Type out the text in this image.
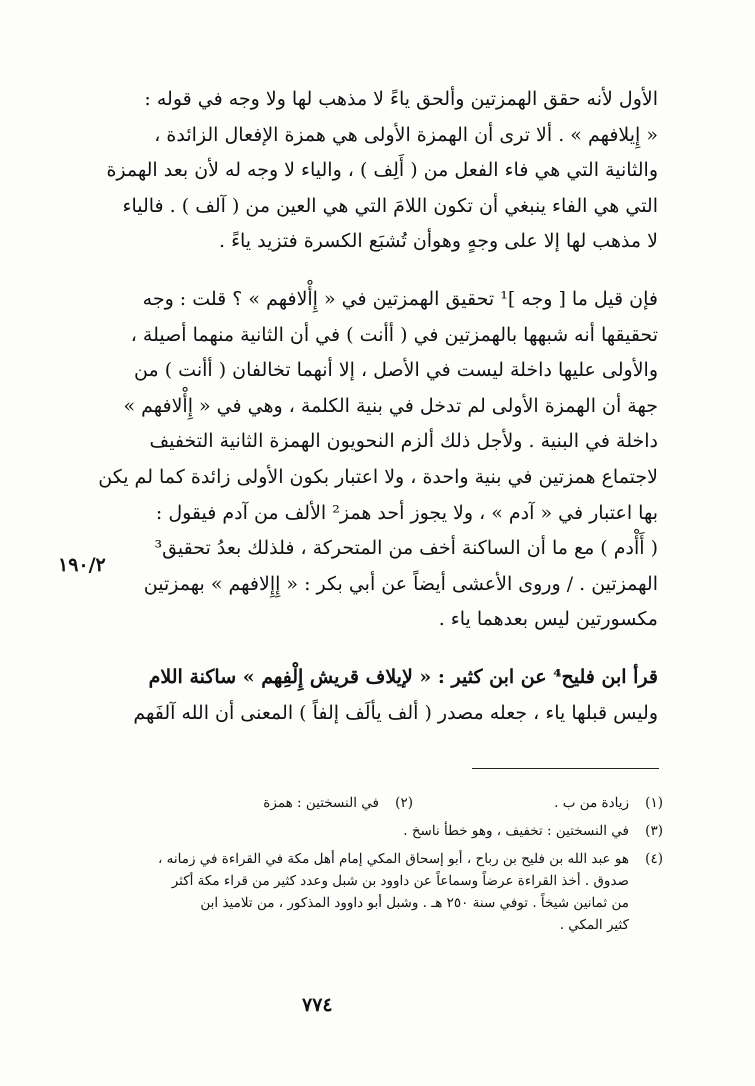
الأول لأنه حقق الهمزتين وألحق ياءً لا مذهب لها ولا وجه في قوله :

« إِيلافهم » . ألا ترى أن الهمزة الأولى هي همزة الإفعال الزائدة ،

والثانية التي هي فاء الفعل من ( أَلِف ) ، والياء لا وجه له لأن بعد الهمزة

التي هي الفاء ينبغي أن تكون اللامَ التي هي العين من ( آلف ) . فالياء

لا مذهب لها إلا على وجهٍ وهوأن تُشبَع الكسرة فتزيد ياءً .

فإن قيل ما [ وجه ]¹ تحقيق الهمزتين في « إِأْلافهم » ؟ قلت : وجه

تحقيقها أنه شبهها بالهمزتين في ( أأنت ) في أن الثانية منهما أصيلة ،

والأولى عليها داخلة ليست في الأصل ، إلا أنهما تخالفان ( أأنت ) من

جهة أن الهمزة الأولى لم تدخل في بنية الكلمة ، وهي في « إِأْلافهم »

داخلة في البنية . ولأجل ذلك ألزم النحويون الهمزة الثانية التخفيف

لاجتماع همزتين في بنية واحدة ، ولا اعتبار بكون الأولى زائدة كما لم يكن

بها اعتبار في « آدم » ، ولا يجوز أحد همز² الألف من آدم فيقول :

( أَأْدم ) مع ما أن الساكنة أخف من المتحركة ، فلذلك بعدُ تحقيق³

الهمزتين . / وروى الأعشى أيضاً عن أبي بكر : « إِإِلافهم » بهمزتين

مكسورتين ليس بعدهما ياء .

قرأ ابن فليح⁴ عن ابن كثير : « لإيلاف قريش إِلْفِهم » ساكنة اللام

وليس قبلها ياء ، جعله مصدر ( ألف يألَف إلفاً ) المعنى أن الله آلفَهم

١٩٠/٢
(١)
زيادة من ب .
(٢)
في النسختين : همزة
(٣)
في النسختين : تخفيف ، وهو خطأ ناسخ .
(٤)
هو عبد الله بن فليح بن رباح ، أبو إسحاق المكي إمام أهل مكة في القراءة في زمانه ،
صدوق . أخذ القراءة عرضاً وسماعاً عن داوود بن شبل وعدد كثير من قراء مكة أكثر
من ثمانين شيخاً . توفي سنة ٢٥٠ هـ . وشبل أبو داوود المذكور ، من تلاميذ ابن
كثير المكي .
٧٧٤
